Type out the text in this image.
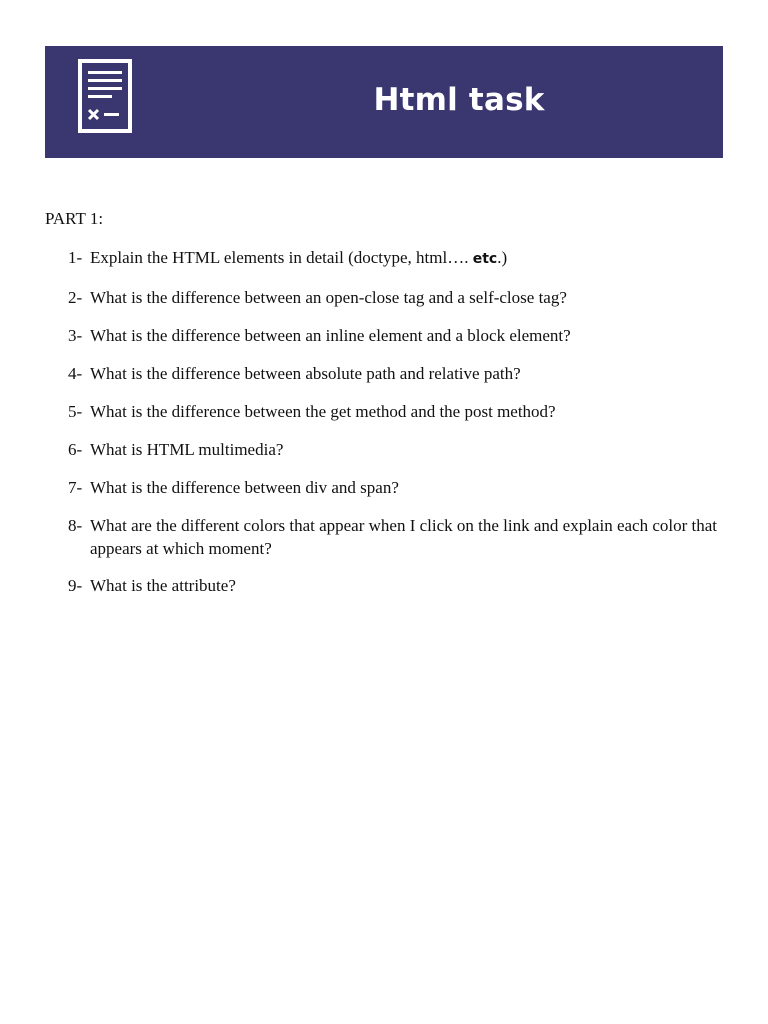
Html task
PART 1:
1- Explain the HTML elements in detail (doctype, html…. etc.)
2- What is the difference between an open-close tag and a self-close tag?
3- What is the difference between an inline element and a block element?
4- What is the difference between absolute path and relative path?
5- What is the difference between the get method and the post method?
6- What is HTML multimedia?
7- What is the difference between div and span?
8- What are the different colors that appear when I click on the link and explain each color that appears at which moment?
9- What is the attribute?
